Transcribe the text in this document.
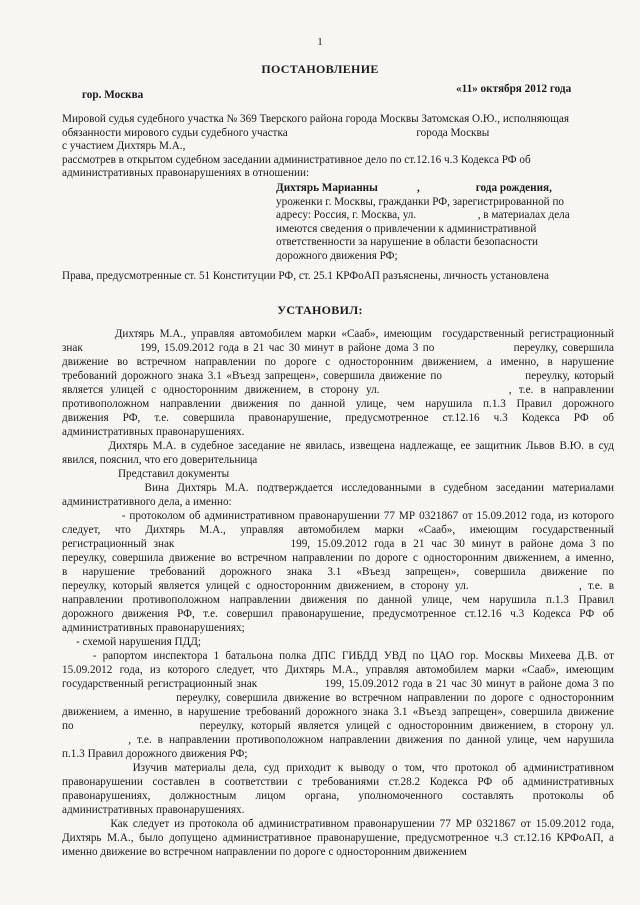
1
ПОСТАНОВЛЕНИЕ
гор. Москва	«11» октября 2012 года
Мировой судья судебного участка № 369 Тверского района города Москвы Затомская О.Ю., исполняющая
обязанности мирового судьи судебного участка                                              города Москвы
с участием Дихтярь М.А.,
рассмотрев в открытом судебном заседании административное дело по ст.12.16 ч.3 Кодекса РФ об
административных правонарушениях в отношении:
Дихтярь Марианны              ,                    года рождения,
уроженки г. Москвы, гражданки РФ, зарегистрированной по
адресу: Россия, г. Москва, ул.                      , в материалах дела
имеются сведения о привлечении к административной
ответственности за нарушение в области безопасности
дорожного движения РФ;
Права, предусмотренные ст. 51 Конституции РФ, ст. 25.1 КРФоАП разъяснены, личность установлена
УСТАНОВИЛ:
Дихтярь М.А., управляя автомобилем марки «Сааб», имеющим  государственный регистрационный
знак             199, 15.09.2012 года в 21 час 30 минут в районе дома 3 по                  переулку, совершила
движение во встречном направлении по дороге с односторонним движением, а именно, в нарушение
требований дорожного знака 3.1 «Въезд запрещен», совершила движение по                  переулку, который
является улицей с односторонним движением, в сторону ул.                  , т.е. в направлении
противоположном направлении движения по данной улице, чем нарушила п.1.3 Правил дорожного
движения РФ, т.е. совершила правонарушение, предусмотренное ст.12.16 ч.3 Кодекса РФ об
административных правонарушениях.
Дихтярь М.А. в судебное заседание не явилась, извещена надлежаще, ее защитник Львов В.Ю. в суд
явился, пояснил, что его доверительница
Представил документы
Вина Дихтярь М.А. подтверждается исследованными в судебном заседании материалами
административного дела, а именно:
- протоколом об административном правонарушении 77 МР 0321867 от 15.09.2012 года, из которого
следует, что Дихтярь М.А., управляя автомобилем марки «Сааб», имеющим государственный
регистрационный знак                 199, 15.09.2012 года в 21 час 30 минут в районе дома 3 по
переулку, совершила движение во встречном направлении по дороге с односторонним движением, а именно,
в нарушение требований дорожного знака 3.1 «Въезд запрещен», совершила движение по
переулку, который является улицей с односторонним движением, в сторону ул.                  , т.е. в
направлении противоположном направлении движения по данной улице, чем нарушила п.1.3 Правил
дорожного движения РФ, т.е. совершил правонарушение, предусмотренное ст.12.16 ч.3 Кодекса РФ об
административных правонарушениях;
- схемой нарушения ПДД;
- рапортом инспектора 1 батальона полка ДПС ГИБДД УВД по ЦАО гор. Москвы Михеева Д.В. от
15.09.2012 года, из которого следует, что Дихтярь М.А., управляя автомобилем марки «Сааб», имеющим
государственный регистрационный знак                 199, 15.09.2012 года в 21 час 30 минут в районе дома 3 по
переулку, совершила движение во встречном направлении по дороге с односторонним
движением, а именно, в нарушение требований дорожного знака 3.1 «Въезд запрещен», совершила движение
по                  переулку, который является улицей с односторонним движением, в сторону ул.
, т.е. в направлении противоположном направлении движения по данной улице, чем нарушила
п.1.3 Правил дорожного движения РФ;
Изучив материалы дела, суд приходит к выводу о том, что протокол об административном
правонарушении составлен в соответствии с требованиями ст.28.2 Кодекса РФ об административных
правонарушениях, должностным лицом органа, уполномоченного составлять протоколы об
административных правонарушениях.
Как следует из протокола об административном правонарушении 77 МР 0321867 от 15.09.2012 года,
Дихтярь М.А., было допущено административное правонарушение, предусмотренное ч.3 ст.12.16 КРФоАП, а
именно движение во встречном направлении по дороге с односторонним движением
